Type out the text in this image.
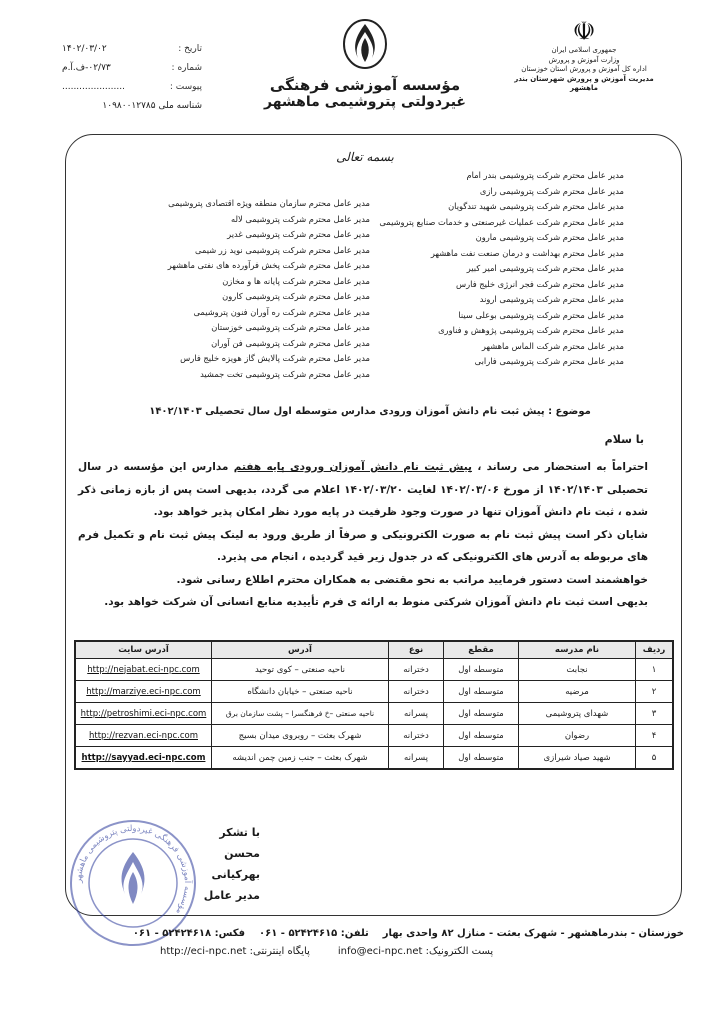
☫
جمهوری اسلامی ایران
وزارت آموزش و پرورش
اداره کل آموزش و پرورش استان خوزستان
مدیریت آموزش و پرورش شهرستان بندر ماهشهر
مؤسسه آموزشی فرهنگی
غیردولتی پتروشیمی ماهشهر
تاریخ :
۱۴۰۲/۰۳/۰۲
شماره :
۰۲/۷۳-ف.آ.م
پیوست :
......................
شناسه ملی ۱۰۹۸۰۰۱۲۷۸۵
بسمه تعالی
مدیر عامل محترم شرکت پتروشیمی بندر امام
مدیر عامل محترم شرکت پتروشیمی رازی
مدیر عامل محترم شرکت پتروشیمی شهید تندگویان
مدیر عامل محترم شرکت عملیات غیرصنعتی و خدمات صنایع پتروشیمی
مدیر عامل محترم شرکت پتروشیمی مارون
مدیر عامل محترم بهداشت و درمان صنعت نفت ماهشهر
مدیر عامل محترم شرکت پتروشیمی امیر کبیر
مدیر عامل محترم شرکت فجر انرژی خلیج فارس
مدیر عامل محترم شرکت پتروشیمی اروند
مدیر عامل محترم شرکت پتروشیمی بوعلی سینا
مدیر عامل محترم شرکت پتروشیمی پژوهش و فناوری
مدیر عامل محترم شرکت الماس ماهشهر
مدیر عامل محترم شرکت پتروشیمی فارابی
مدیر عامل محترم سازمان منطقه ویژه اقتصادی پتروشیمی
مدیر عامل محترم شرکت پتروشیمی لاله
مدیر عامل محترم شرکت پتروشیمی غدیر
مدیر عامل محترم شرکت پتروشیمی نوید زر شیمی
مدیر عامل محترم شرکت پخش فرآورده های نفتی ماهشهر
مدیر عامل محترم شرکت پایانه ها و مخازن
مدیر عامل محترم شرکت پتروشیمی کارون
مدیر عامل محترم شرکت ره آوران فنون پتروشیمی
مدیر عامل محترم شرکت پتروشیمی خوزستان
مدیر عامل محترم شرکت پتروشیمی فن آوران
مدیر عامل محترم شرکت پالایش گاز هویزه خلیج فارس
مدیر عامل محترم شرکت پتروشیمی تخت جمشید
موضوع : پیش ثبت نام دانش آموزان ورودی مدارس متوسطه اول سال تحصیلی ۱۴۰۲/۱۴۰۳
با سلام

احتراماً به استحضار می رساند ، پیش ثبت نام دانش آموزان ورودی پایه هفتم مدارس این مؤسسه در سال تحصیلی ۱۴۰۲/۱۴۰۳ از مورخ ۱۴۰۲/۰۳/۰۶ لغایت ۱۴۰۲/۰۳/۲۰ اعلام می گردد، بدیهی است پس از بازه زمانی ذکر شده ، ثبت نام دانش آموزان تنها در صورت وجود ظرفیت در پایه مورد نظر امکان پذیر خواهد بود.

شایان ذکر است پیش ثبت نام به صورت الکترونیکی و صرفاً از طریق ورود به لینک پیش ثبت نام و تکمیل فرم های مربوطه به آدرس های الکترونیکی که در جدول زیر قید گردیده ، انجام می پذیرد.

خواهشمند است دستور فرمایید مراتب به نحو مقتضی به همکاران محترم اطلاع رسانی شود.

بدیهی است ثبت نام دانش آموزان شرکتی منوط به ارائه ی فرم تأییدیه منابع انسانی آن شرکت خواهد بود.

ردیف	نام مدرسه	مقطع	نوع	آدرس	آدرس سایت
۱	نجابت	متوسطه اول	دخترانه	ناحیه صنعتی – کوی توحید	http://nejabat.eci-npc.com
۲	مرضیه	متوسطه اول	دخترانه	ناحیه صنعتی – خیابان دانشگاه	http://marziye.eci-npc.com
۳	شهدای پتروشیمی	متوسطه اول	پسرانه	ناحیه صنعتی –خ فرهنگسرا – پشت سازمان برق	http://petroshimi.eci-npc.com
۴	رضوان	متوسطه اول	دخترانه	شهرک بعثت – روبروی میدان بسیج	http://rezvan.eci-npc.com
۵	شهید صیاد شیرازی	متوسطه اول	پسرانه	شهرک بعثت – جنب زمین چمن اندیشه	http://sayyad.eci-npc.com
مؤسسه آموزشی فرهنگی غیردولتی پتروشیمی ماهشهر
با تشکر
محسن بهرکیانی
مدیر عامل
خوزستان - بندرماهشهر - شهرک بعثت - منازل ۸۲ واحدی بهار    تلفن: ۵۲۴۲۴۶۱۵ - ۰۶۱    فکس: ۵۲۴۲۴۶۱۸ - ۰۶۱
پست الکترونیک: info@eci-npc.net
پایگاه اینترنتی: http://eci-npc.net
